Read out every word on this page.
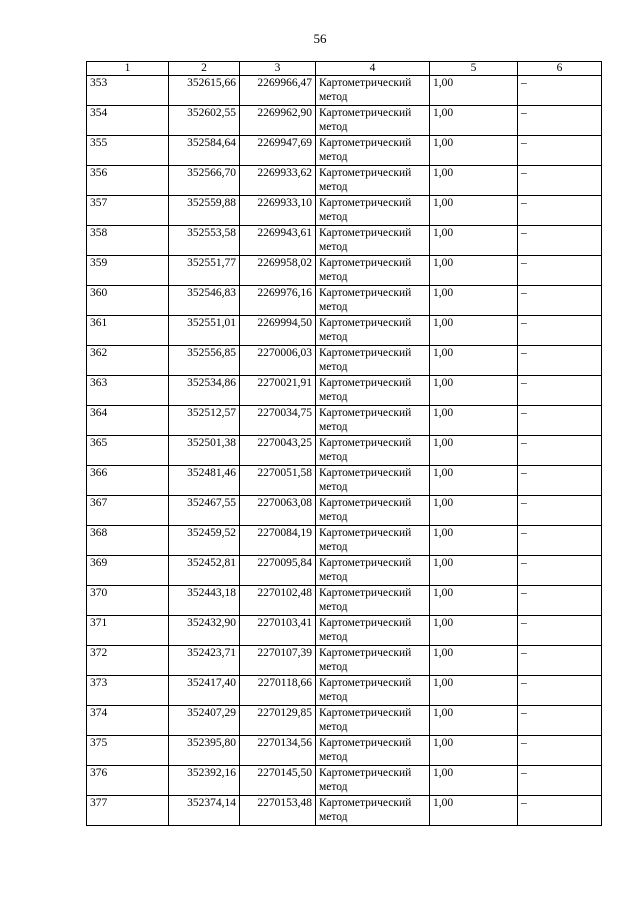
56
1	2	3	4	5	6
353	352615,66	2269966,47	Картометрический метод	1,00	–
354	352602,55	2269962,90	Картометрический метод	1,00	–
355	352584,64	2269947,69	Картометрический метод	1,00	–
356	352566,70	2269933,62	Картометрический метод	1,00	–
357	352559,88	2269933,10	Картометрический метод	1,00	–
358	352553,58	2269943,61	Картометрический метод	1,00	–
359	352551,77	2269958,02	Картометрический метод	1,00	–
360	352546,83	2269976,16	Картометрический метод	1,00	–
361	352551,01	2269994,50	Картометрический метод	1,00	–
362	352556,85	2270006,03	Картометрический метод	1,00	–
363	352534,86	2270021,91	Картометрический метод	1,00	–
364	352512,57	2270034,75	Картометрический метод	1,00	–
365	352501,38	2270043,25	Картометрический метод	1,00	–
366	352481,46	2270051,58	Картометрический метод	1,00	–
367	352467,55	2270063,08	Картометрический метод	1,00	–
368	352459,52	2270084,19	Картометрический метод	1,00	–
369	352452,81	2270095,84	Картометрический метод	1,00	–
370	352443,18	2270102,48	Картометрический метод	1,00	–
371	352432,90	2270103,41	Картометрический метод	1,00	–
372	352423,71	2270107,39	Картометрический метод	1,00	–
373	352417,40	2270118,66	Картометрический метод	1,00	–
374	352407,29	2270129,85	Картометрический метод	1,00	–
375	352395,80	2270134,56	Картометрический метод	1,00	–
376	352392,16	2270145,50	Картометрический метод	1,00	–
377	352374,14	2270153,48	Картометрический метод	1,00	–
